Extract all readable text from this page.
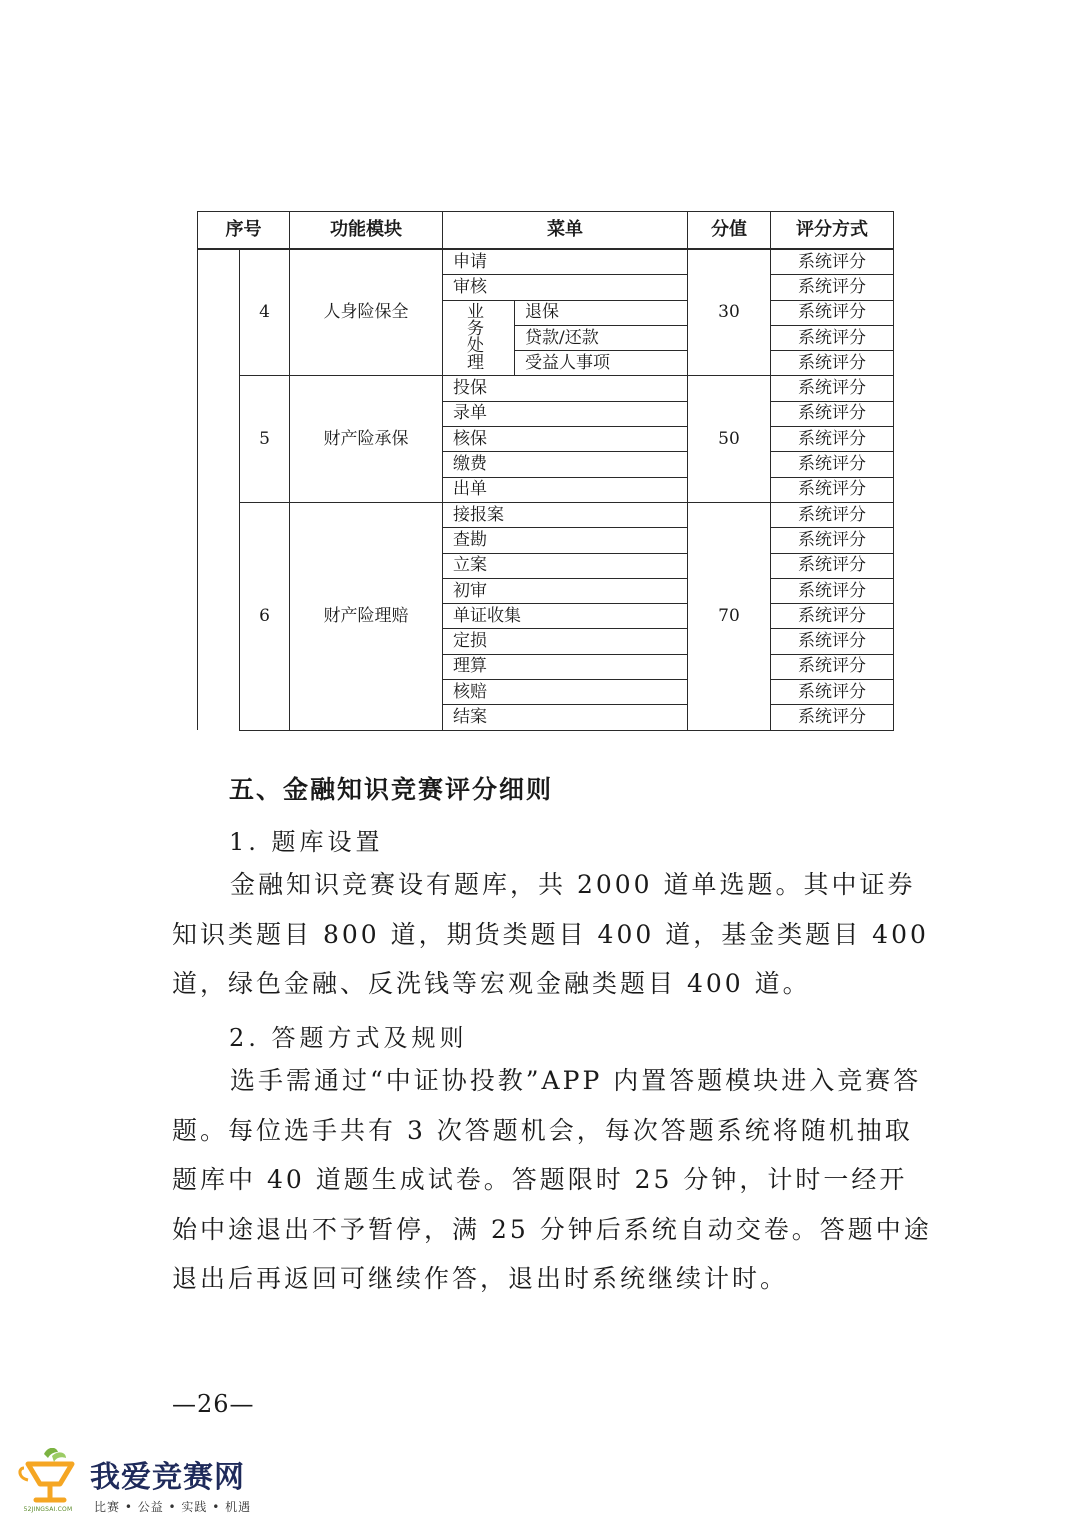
序号		功能模块	菜单		分值	评分方式
	4	人身险保全	申请		30	系统评分
			审核			系统评分
			业 务 处 理	退保		系统评分
				贷款/还款		系统评分
				受益人事项		系统评分
	5	财产险承保	投保		50	系统评分
			录单			系统评分
			核保			系统评分
			缴费			系统评分
			出单			系统评分
	6	财产险理赔	接报案		70	系统评分
			查勘			系统评分
			立案			系统评分
			初审			系统评分
			单证收集			系统评分
			定损			系统评分
			理算			系统评分
			核赔			系统评分
			结案			系统评分
五、金融知识竞赛评分细则
1. 题库设置

金融知识竞赛设有题库，共 2000 道单选题。其中证券知识类题目 800 道，期货类题目 400 道，基金类题目 400 道，绿色金融、反洗钱等宏观金融类题目 400 道。

2. 答题方式及规则

选手需通过“中证协投教”APP 内置答题模块进入竞赛答题。每位选手共有 3 次答题机会，每次答题系统将随机抽取题库中 40 道题生成试卷。答题限时 25 分钟，计时一经开始中途退出不予暂停，满 25 分钟后系统自动交卷。答题中途退出后再返回可继续作答，退出时系统继续计时。

—26—
52JINGSAI.COM
我爱竞赛网
比赛 • 公益 • 实践 • 机遇
